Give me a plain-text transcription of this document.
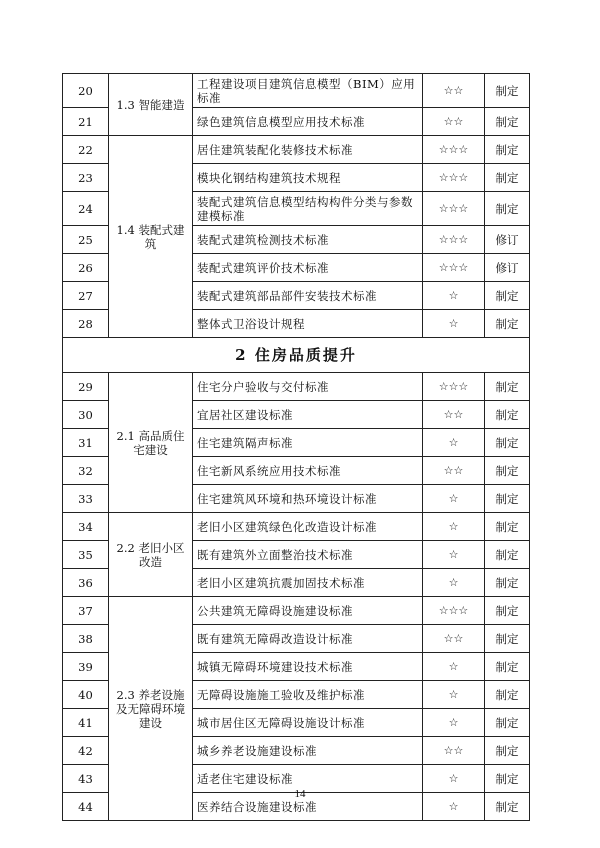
20	1.3 智能建造	工程建设项目建筑信息模型（BIM）应用标准	☆☆	制定
21		绿色建筑信息模型应用技术标准	☆☆	制定
22	1.4 装配式建筑	居住建筑装配化装修技术标准	☆☆☆	制定
23		模块化钢结构建筑技术规程	☆☆☆	制定
24		装配式建筑信息模型结构构件分类与参数建模标准	☆☆☆	制定
25		装配式建筑检测技术标准	☆☆☆	修订
26		装配式建筑评价技术标准	☆☆☆	修订
27		装配式建筑部品部件安装技术标准	☆	制定
28		整体式卫浴设计规程	☆	制定
2 住房品质提升				
29	2.1 高品质住宅建设	住宅分户验收与交付标准	☆☆☆	制定
30		宜居社区建设标准	☆☆	制定
31		住宅建筑隔声标准	☆	制定
32		住宅新风系统应用技术标准	☆☆	制定
33		住宅建筑风环境和热环境设计标准	☆	制定
34	2.2 老旧小区改造	老旧小区建筑绿色化改造设计标准	☆	制定
35		既有建筑外立面整治技术标准	☆	制定
36		老旧小区建筑抗震加固技术标准	☆	制定
37	2.3 养老设施及无障碍环境建设	公共建筑无障碍设施建设标准	☆☆☆	制定
38		既有建筑无障碍改造设计标准	☆☆	制定
39		城镇无障碍环境建设技术标准	☆	制定
40		无障碍设施施工验收及维护标准	☆	制定
41		城市居住区无障碍设施设计标准	☆	制定
42		城乡养老设施建设标准	☆☆	制定
43		适老住宅建设标准	☆	制定
44		医养结合设施建设标准	☆	制定
14
